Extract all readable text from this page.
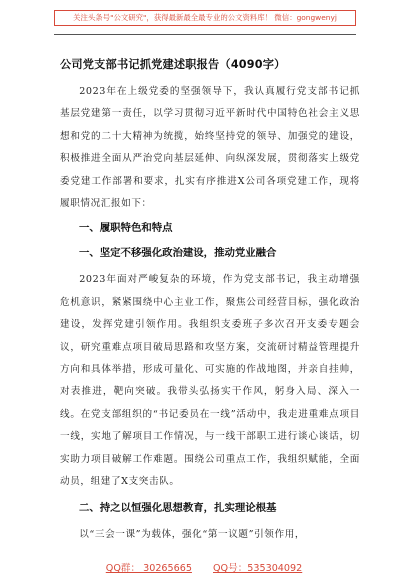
关注头条号"公文研究"，获得最新最全最专业的公文资料库！ 微信：gongwenyj
公司党支部书记抓党建述职报告（4090字）

2023年在上级党委的坚强领导下，我认真履行党支部书记抓基层党建第一责任，以学习贯彻习近平新时代中国特色社会主义思想和党的二十大精神为统揽，始终坚持党的领导、加强党的建设，积极推进全面从严治党向基层延伸、向纵深发展，贯彻落实上级党委党建工作部署和要求，扎实有序推进X公司各项党建工作，现将履职情况汇报如下：

一、履职特色和特点
一、坚定不移强化政治建设，推动党业融合

2023年面对严峻复杂的环境，作为党支部书记，我主动增强危机意识，紧紧围绕中心主业工作，聚焦公司经营目标，强化政治建设，发挥党建引领作用。我组织支委班子多次召开支委专题会议，研究重难点项目破局思路和攻坚方案，交流研讨精益管理提升方向和具体举措，形成可量化、可实施的作战地图，并亲自挂帅，对表推进，靶向突破。我带头弘扬实干作风，躬身入局、深入一线。在党支部组织的“书记委员在一线”活动中，我走进重难点项目一线，实地了解项目工作情况，与一线干部职工进行谈心谈话，切实助力项目破解工作难题。围绕公司重点工作，我组织赋能，全面动员，组建了X支突击队。

二、持之以恒强化思想教育，扎实理论根基

以“三会一课”为载体，强化“第一议题”引领作用，

QQ群： 30265665 QQ号：535304092
